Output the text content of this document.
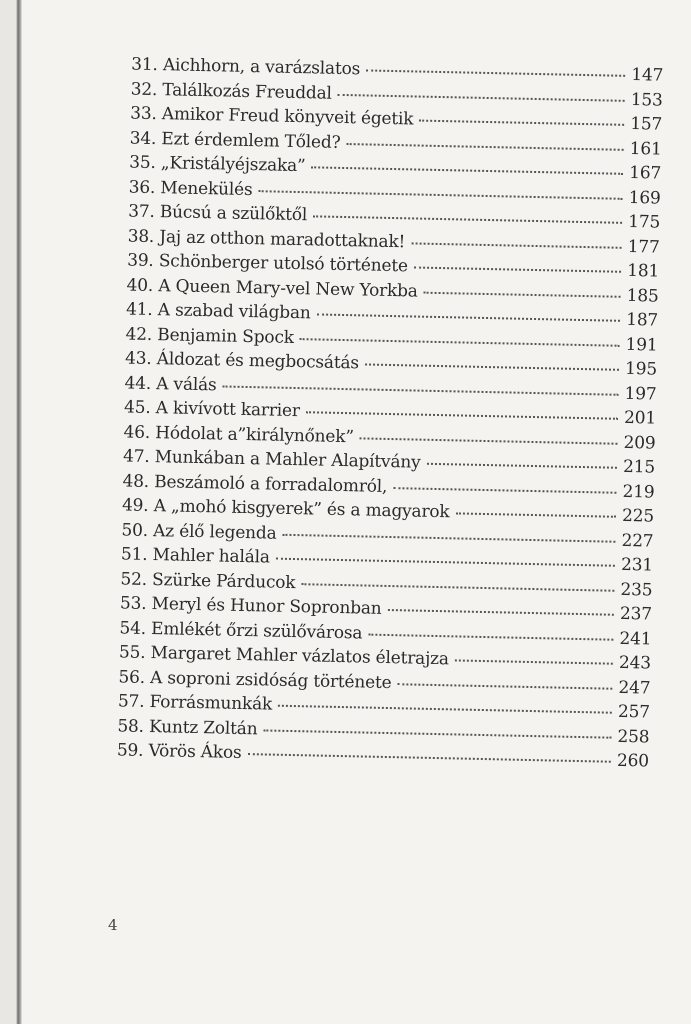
31. Aichhorn, a varázslatos	147
32. Találkozás Freuddal	153
33. Amikor Freud könyveit égetik	157
34. Ezt érdemlem Tőled?	161
35. „Kristályéjszaka”	167
36. Menekülés	169
37. Búcsú a szülőktől	175
38. Jaj az otthon maradottaknak!	177
39. Schönberger utolsó története	181
40. A Queen Mary-vel New Yorkba	185
41. A szabad világban	187
42. Benjamin Spock	191
43. Áldozat és megbocsátás	195
44. A válás	197
45. A kivívott karrier	201
46. Hódolat a”királynőnek”	209
47. Munkában a Mahler Alapítvány	215
48. Beszámoló a forradalomról,	219
49. A „mohó kisgyerek” és a magyarok	225
50. Az élő legenda	227
51. Mahler halála	231
52. Szürke Párducok	235
53. Meryl és Hunor Sopronban	237
54. Emlékét őrzi szülővárosa	241
55. Margaret Mahler vázlatos életrajza	243
56. A soproni zsidóság története	247
57. Forrásmunkák	257
58. Kuntz Zoltán	258
59. Vörös Ákos	260
4
